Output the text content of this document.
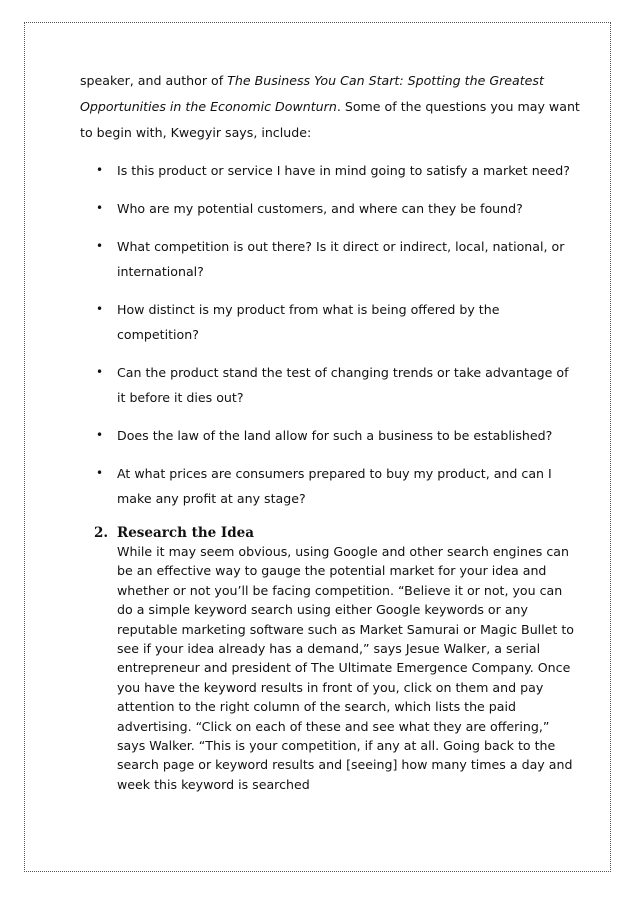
speaker, and author of The Business You Can Start: Spotting the Greatest Opportunities in the Economic Downturn. Some of the questions you may want to begin with, Kwegyir says, include:

• Is this product or service I have in mind going to satisfy a market need?
• Who are my potential customers, and where can they be found?
• What competition is out there? Is it direct or indirect, local, national, or international?
• How distinct is my product from what is being offered by the competition?
• Can the product stand the test of changing trends or take advantage of it before it dies out?
• Does the law of the land allow for such a business to be established?
• At what prices are consumers prepared to buy my product, and can I make any profit at any stage?
2. Research the Idea

While it may seem obvious, using Google and other search engines can be an effective way to gauge the potential market for your idea and whether or not you’ll be facing competition. “Believe it or not, you can do a simple keyword search using either Google keywords or any reputable marketing software such as Market Samurai or Magic Bullet to see if your idea already has a demand,” says Jesue Walker, a serial entrepreneur and president of The Ultimate Emergence Company. Once you have the keyword results in front of you, click on them and pay attention to the right column of the search, which lists the paid advertising. “Click on each of these and see what they are offering,” says Walker. “This is your competition, if any at all. Going back to the search page or keyword results and [seeing] how many times a day and week this keyword is searched
